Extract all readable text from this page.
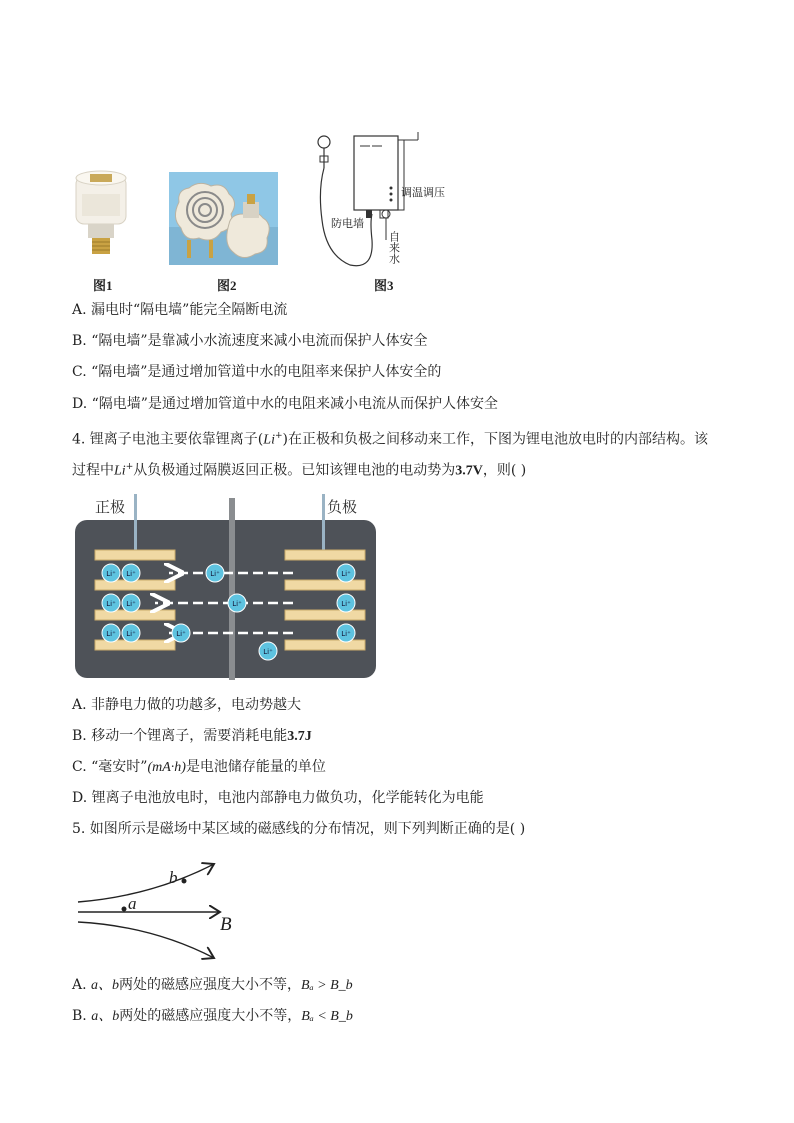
图1	图2
调温调压
防电墙
自来水
图3
A. 漏电时“隔电墙”能完全隔断电流
B. “隔电墙”是靠减小水流速度来减小电流而保护人体安全
C. “隔电墙”是通过增加管道中水的电阻率来保护人体安全的
D. “隔电墙”是通过增加管道中水的电阻来减小电流从而保护人体安全
4. 锂离子电池主要依靠锂离子(Li+)在正极和负极之间移动来工作，下图为锂电池放电时的内部结构。该
过程中Li+从负极通过隔膜返回正极。已知该锂电池的电动势为3.7V，则( )
正极	负极
Li⁺ Li⁺
Li⁺ Li⁺
Li⁺ Li⁺	Li⁺
Li⁺
Li⁺
Li⁺
Li⁺
Li⁺
Li⁺
A. 非静电力做的功越多，电动势越大
B. 移动一个锂离子，需要消耗电能3.7J
C. “毫安时”(mA·h)是电池储存能量的单位
D. 锂离子电池放电时，电池内部静电力做负功，化学能转化为电能
5. 如图所示是磁场中某区域的磁感线的分布情况，则下列判断正确的是( )
b
a
B
A. a、b两处的磁感应强度大小不等，Bₐ > B_b
B. a、b两处的磁感应强度大小不等，Bₐ < B_b
